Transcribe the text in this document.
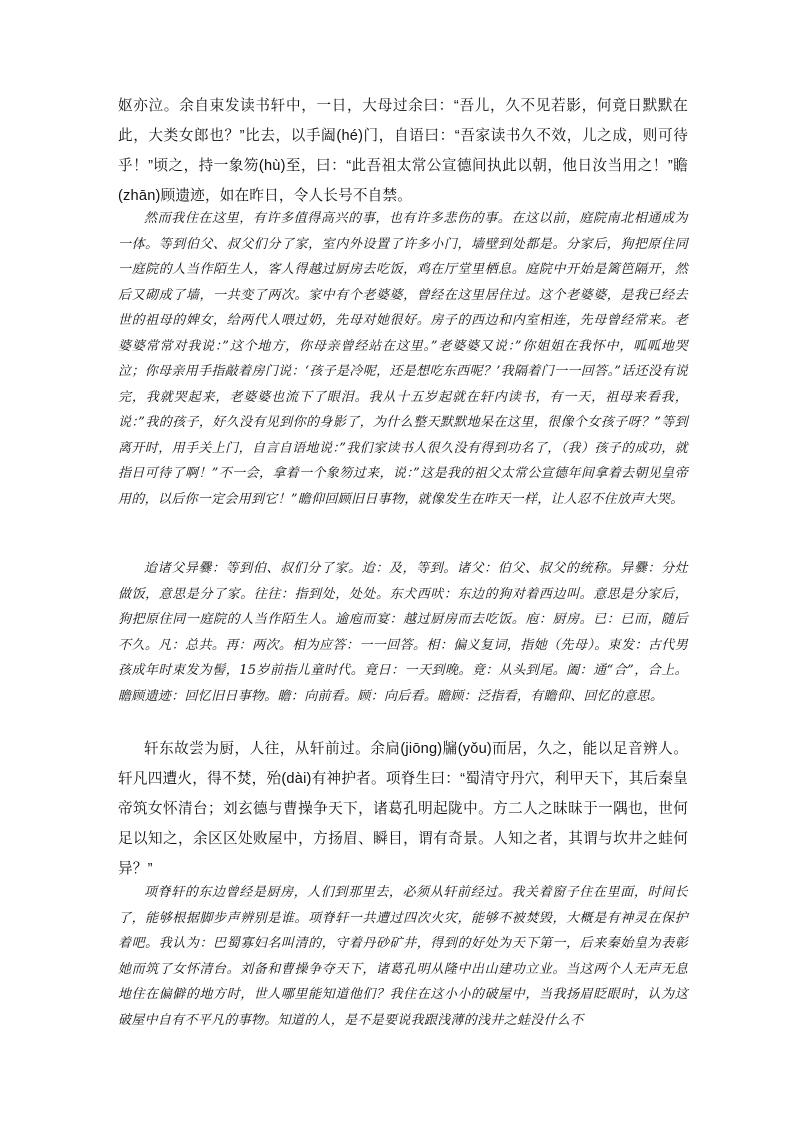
妪亦泣。余自束发读书轩中，一日，大母过余曰：“吾儿，久不见若影，何竟日默默在此，大类女郎也？”比去，以手阖(hé)门，自语曰：“吾家读书久不效，儿之成，则可待乎！”顷之，持一象笏(hù)至，曰：“此吾祖太常公宣德间执此以朝，他日汝当用之！”瞻(zhān)顾遗迹，如在昨日，令人长号不自禁。

然而我住在这里，有许多值得高兴的事，也有许多悲伤的事。在这以前，庭院南北相通成为一体。等到伯父、叔父们分了家，室内外设置了许多小门，墙壁到处都是。分家后，狗把原住同一庭院的人当作陌生人，客人得越过厨房去吃饭，鸡在厅堂里栖息。庭院中开始是篱笆隔开，然后又砌成了墙，一共变了两次。家中有个老婆婆，曾经在这里居住过。这个老婆婆，是我已经去世的祖母的婢女，给两代人喂过奶，先母对她很好。房子的西边和内室相连，先母曾经常来。老婆婆常常对我说：”这个地方，你母亲曾经站在这里。”老婆婆又说：”你姐姐在我怀中，呱呱地哭泣；你母亲用手指敲着房门说：‘孩子是冷呢，还是想吃东西呢？’我隔着门一一回答。”话还没有说完，我就哭起来，老婆婆也流下了眼泪。我从十五岁起就在轩内读书，有一天，祖母来看我，说：”我的孩子，好久没有见到你的身影了，为什么整天默默地呆在这里，很像个女孩子呀？”等到离开时，用手关上门，自言自语地说：”我们家读书人很久没有得到功名了，（我）孩子的成功，就指日可待了啊！”不一会，拿着一个象笏过来，说：”这是我的祖父太常公宣德年间拿着去朝见皇帝用的，以后你一定会用到它！”瞻仰回顾旧日事物，就像发生在昨天一样，让人忍不住放声大哭。

迨诸父异爨：等到伯、叔们分了家。迨：及，等到。诸父：伯父、叔父的统称。异爨：分灶做饭，意思是分了家。往往：指到处，处处。东犬西吠：东边的狗对着西边叫。意思是分家后，狗把原住同一庭院的人当作陌生人。逾庖而宴：越过厨房而去吃饭。庖：厨房。已：已而，随后不久。凡：总共。再：两次。相为应答：一一回答。相：偏义复词，指她（先母）。束发：古代男孩成年时束发为髻，15岁前指儿童时代。竟日：一天到晚。竟：从头到尾。阖：通“合”，合上。瞻顾遗迹：回忆旧日事物。瞻：向前看。顾：向后看。瞻顾：泛指看，有瞻仰、回忆的意思。

轩东故尝为厨，人往，从轩前过。余扃(jiōng)牖(yǒu)而居，久之，能以足音辨人。轩凡四遭火，得不焚，殆(dài)有神护者。项脊生曰：“蜀清守丹穴，利甲天下，其后秦皇帝筑女怀清台；刘玄德与曹操争天下，诸葛孔明起陇中。方二人之昧昧于一隅也，世何足以知之，余区区处败屋中，方扬眉、瞬目，谓有奇景。人知之者，其谓与坎井之蛙何异？”

项脊轩的东边曾经是厨房，人们到那里去，必须从轩前经过。我关着窗子住在里面，时间长了，能够根据脚步声辨别是谁。项脊轩一共遭过四次火灾，能够不被焚毁，大概是有神灵在保护着吧。我认为：巴蜀寡妇名叫清的，守着丹砂矿井，得到的好处为天下第一，后来秦始皇为表彰她而筑了女怀清台。刘备和曹操争夺天下，诸葛孔明从隆中出山建功立业。当这两个人无声无息地住在偏僻的地方时，世人哪里能知道他们？我住在这小小的破屋中，当我扬眉眨眼时，认为这破屋中自有不平凡的事物。知道的人，是不是要说我跟浅薄的浅井之蛙没什么不
